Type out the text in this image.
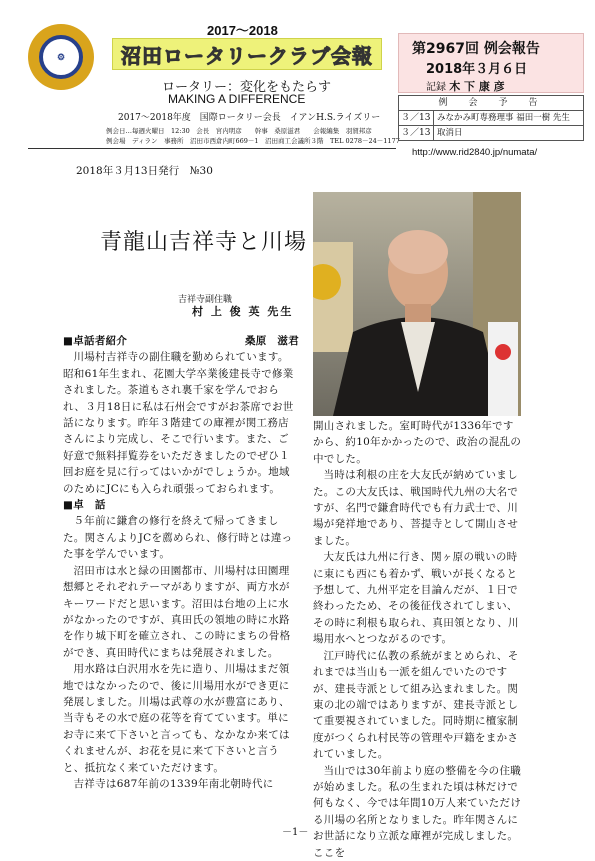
2017～2018
⚙	沼田ロータリークラブ会報
ロータリー：変化をもたらす
MAKING A DIFFERENCE
2017～2018年度　国際ロータリー会長　イアンH.S.ライズリー
例会日…毎週火曜日　12:30　会長　宮内明彦　　幹事　桑原滋君　　会報編集　羽賀邦彦
例会場　ディラン　事務所　沼田市西倉内町669－1　沼田商工会議所３階　TEL 0278－24－1177
第2967回 例会報告
2018年３月６日
記録 木 下 康 彦
例　会　予　告
３／13 みなかみ町専務理事 福田一樹 先生
３／13 取消日
http://www.rid2840.jp/numata/
2018年３月13日発行　№30
青龍山吉祥寺と川場
吉祥寺副住職
村 上 俊 英 先生

■卓話者紹介	桑原　滋君

川場村吉祥寺の副住職を勤められています。昭和61年生まれ、花園大学卒業後建長寺で修業されました。茶道もされ裏千家を学んでおられ、３月18日に私は石州会ですがお茶席でお世話になります。昨年３階建ての庫裡が関工務店さんにより完成し、そこで行います。また、ご好意で無料拝覧券をいただきましたのでぜひ１回お庭を見に行ってはいかがでしょうか。地域のためにJCにも入られ頑張っておられます。

■卓　話

５年前に鎌倉の修行を終えて帰ってきました。関さんよりJCを薦められ、修行時とは違った事を学んでいます。

沼田市は水と緑の田園都市、川場村は田園理想郷とそれぞれテーマがありますが、両方水がキーワードだと思います。沼田は台地の上に水がなかったのですが、真田氏の領地の時に水路を作り城下町を確立され、この時にまちの骨格ができ、真田時代にまちは発展されました。

用水路は白沢用水を先に造り、川場はまだ領地ではなかったので、後に川場用水ができ更に発展しました。川場は武尊の水が豊富にあり、当寺もその水で庭の花等を育てています。単にお寺に来て下さいと言っても、なかなか来てはくれませんが、お花を見に来て下さいと言うと、抵抗なく来ていただけます。

吉祥寺は687年前の1339年南北朝時代に

開山されました。室町時代が1336年ですから、約10年かかったので、政治の混乱の中でした。

当時は利根の庄を大友氏が納めていました。この大友氏は、戦国時代九州の大名ですが、名門で鎌倉時代でも有力武士で、川場が発祥地であり、菩提寺として開山させました。

大友氏は九州に行き、関ヶ原の戦いの時に東にも西にも着かず、戦いが長くなると予想して、九州平定を目論んだが、１日で終わったため、その後征伐されてしまい、その時に利根も取られ、真田領となり、川場用水へとつながるのです。

江戸時代に仏教の系統がまとめられ、それまでは当山も一派を組んでいたのですが、建長寺派として組み込まれました。関東の北の端ではありますが、建長寺派として重要視されていました。同時期に檀家制度がつくられ村民等の管理や戸籍をまかされていました。

当山では30年前より庭の整備を今の住職が始めました。私の生まれた頃は林だけで何もなく、今では年間10万人来ていただける川場の名所となりました。昨年関さんにお世話になり立派な庫裡が完成しました。ここを

－1－
